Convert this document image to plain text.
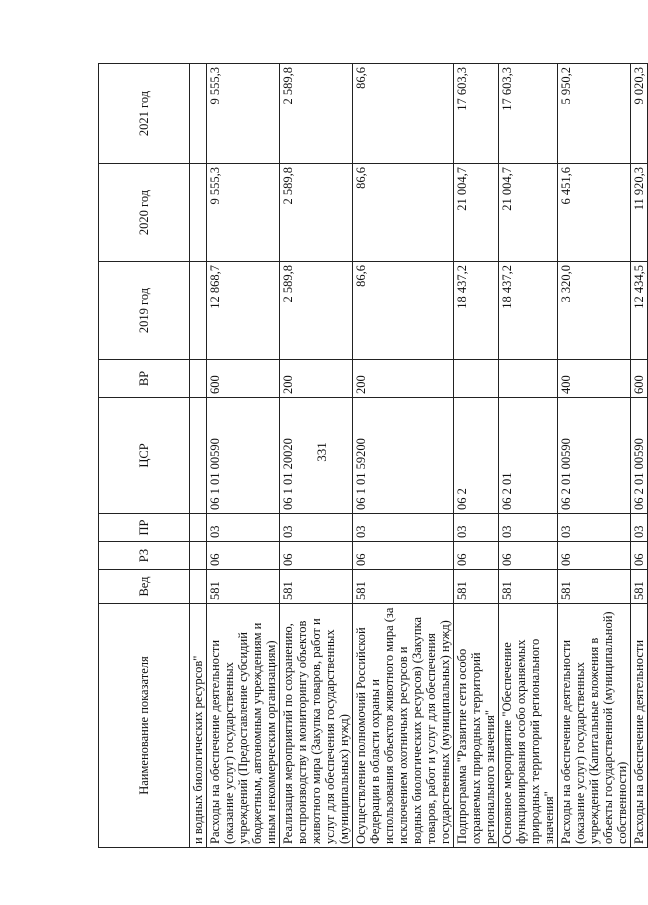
331
Наименование показателя	Вед	РЗ	ПР	ЦСР	ВР	2019 год	2020 год	2021 год
и водных биологических ресурсов"								
Расходы на обеспечение деятельности (оказание услуг) государственных учреждений (Предоставление субсидий бюджетным, автономным учреждениям и иным некоммерческим организациям)	581	06	03	06 1 01 00590	600	12 868,7	9 555,3	9 555,3
Реализация мероприятий по сохранению, воспроизводству и мониторингу объектов животного мира (Закупка товаров, работ и услуг для обеспечения государственных (муниципальных) нужд)	581	06	03	06 1 01 20020	200	2 589,8	2 589,8	2 589,8
Осуществление полномочий Российской Федерации в области охраны и использования объектов животного мира (за исключением охотничьих ресурсов и водных биологических ресурсов) (Закупка товаров, работ и услуг для обеспечения государственных (муниципальных) нужд)	581	06	03	06 1 01 59200	200	86,6	86,6	86,6
Подпрограмма "Развитие сети особо охраняемых природных территорий регионального значения"	581	06	03	06 2		18 437,2	21 004,7	17 603,3
Основное мероприятие "Обеспечение функционирования особо охраняемых природных территорий регионального значения"	581	06	03	06 2 01		18 437,2	21 004,7	17 603,3
Расходы на обеспечение деятельности (оказание услуг) государственных учреждений (Капитальные вложения в объекты государственной (муниципальной) собственности)	581	06	03	06 2 01 00590	400	3 320,0	6 451,6	5 950,2
Расходы на обеспечение деятельности	581	06	03	06 2 01 00590	600	12 434,5	11 920,3	9 020,3
